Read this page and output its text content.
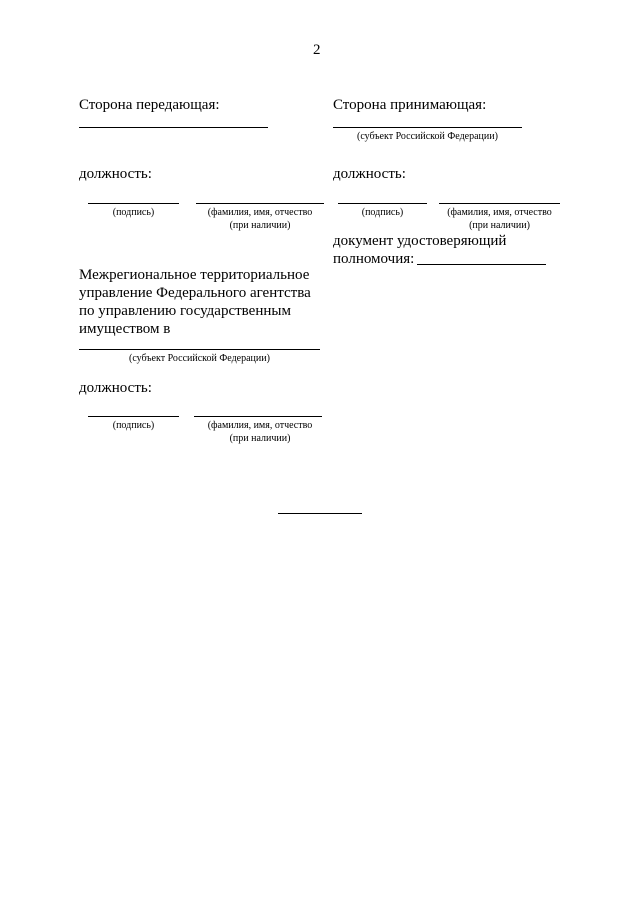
2
Сторона передающая:
должность:
(подпись)	(фамилия, имя, отчество
(при наличии)
Межрегиональное территориальное
управление Федерального агентства
по управлению государственным
имуществом в
(субъект Российской Федерации)
должность:
(подпись)	(фамилия, имя, отчество
(при наличии)
Сторона принимающая:
(субъект Российской Федерации)
должность:
(подпись)	(фамилия, имя, отчество
(при наличии)
документ удостоверяющий
полномочия:
